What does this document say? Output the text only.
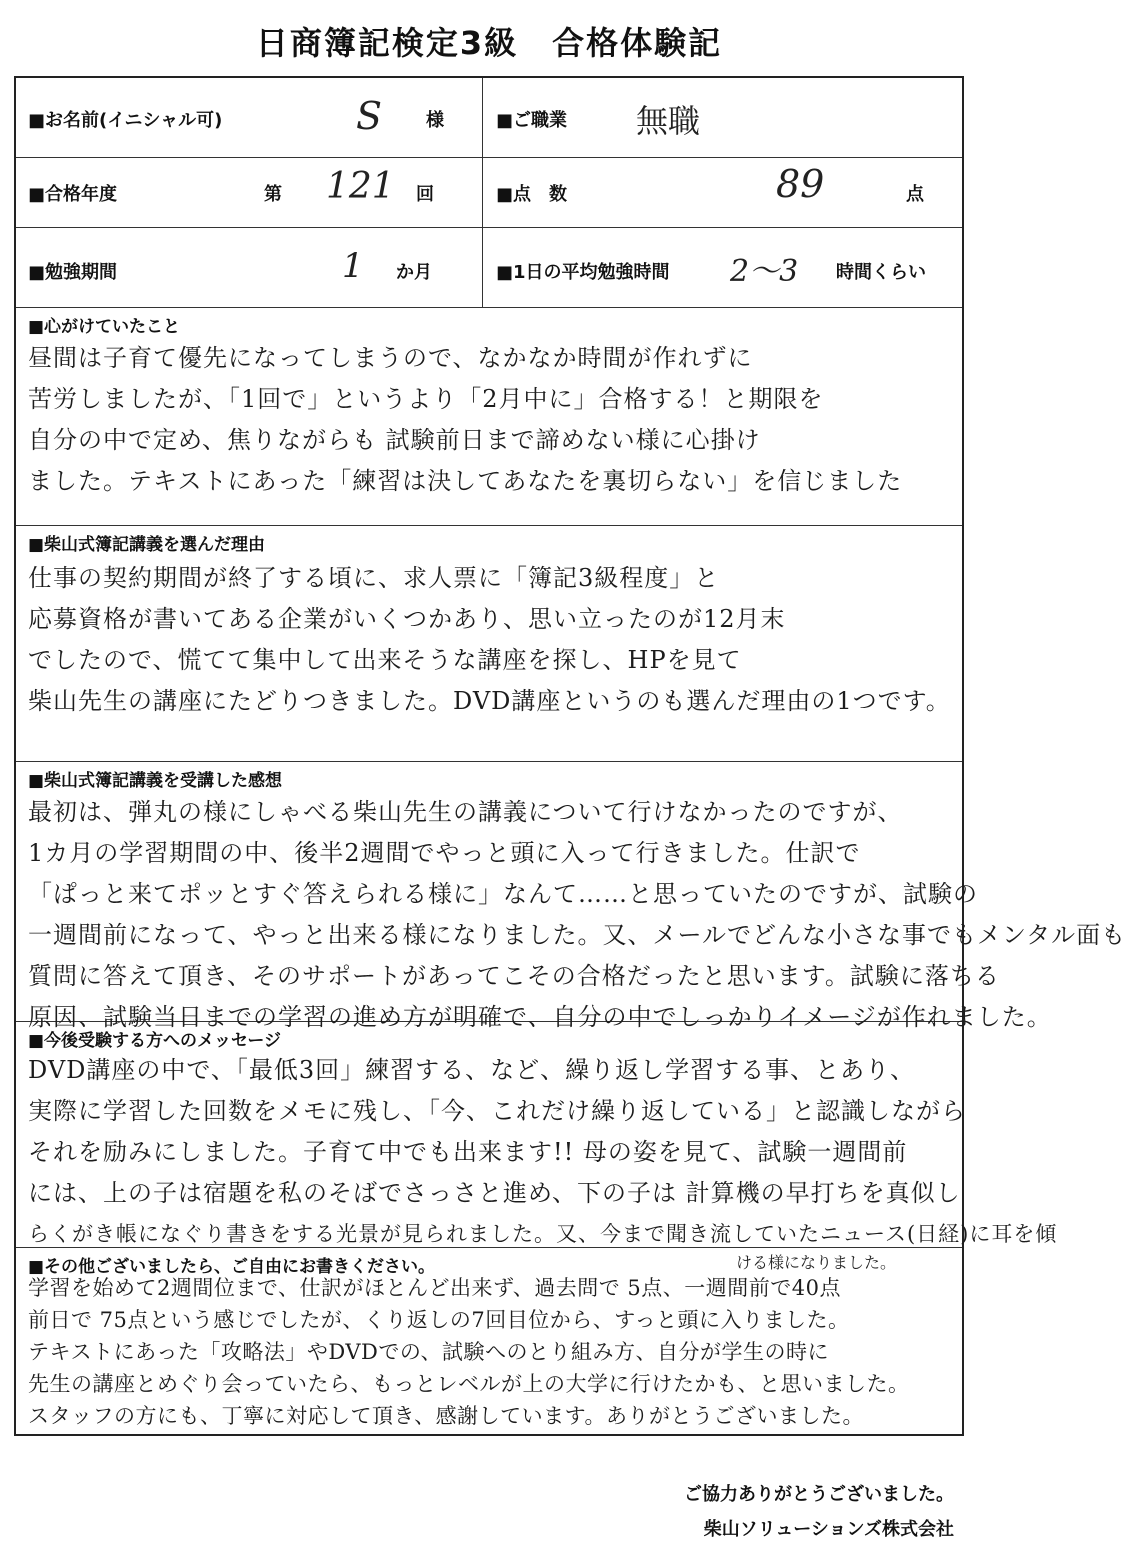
日商簿記検定3級　合格体験記
■お名前(イニシャル可)	S 様	■ご職業 無職
■合格年度	第 121 回	■点　数	89	点
■勉強期間	1 か月	■1日の平均勉強時間 2〜3 時間くらい
■心がけていたこと
昼間は子育て優先になってしまうので、なかなか時間が作れずに
苦労しましたが、「1回で」というより「2月中に」合格する！と期限を
自分の中で定め、焦りながらも 試験前日まで諦めない様に心掛け
ました。テキストにあった「練習は決してあなたを裏切らない」を信じました
■柴山式簿記講義を選んだ理由
仕事の契約期間が終了する頃に、求人票に「簿記3級程度」と
応募資格が書いてある企業がいくつかあり、思い立ったのが12月末
でしたので、慌てて集中して出来そうな講座を探し、HPを見て
柴山先生の講座にたどりつきました。DVD講座というのも選んだ理由の1つです。
■柴山式簿記講義を受講した感想
最初は、弾丸の様にしゃべる柴山先生の講義について行けなかったのですが、
1カ月の学習期間の中、後半2週間でやっと頭に入って行きました。仕訳で
「ぱっと来てポッとすぐ答えられる様に」なんて……と思っていたのですが、試験の
一週間前になって、やっと出来る様になりました。又、メールでどんな小さな事でもメンタル面も
質問に答えて頂き、そのサポートがあってこその合格だったと思います。試験に落ちる
原因、試験当日までの学習の進め方が明確で、自分の中でしっかりイメージが作れました。
■今後受験する方へのメッセージ
DVD講座の中で、「最低3回」練習する、など、繰り返し学習する事、とあり、
実際に学習した回数をメモに残し、「今、これだけ繰り返している」と認識しながら
それを励みにしました。子育て中でも出来ます!! 母の姿を見て、試験一週間前
には、上の子は宿題を私のそばでさっさと進め、下の子は 計算機の早打ちを真似し
らくがき帳になぐり書きをする光景が見られました。又、今まで聞き流していたニュース(日経)に耳を傾
■その他ございましたら、ご自由にお書きください。	ける様になりました。
学習を始めて2週間位まで、仕訳がほとんど出来ず、過去問で 5点、一週間前で40点
前日で 75点という感じでしたが、くり返しの7回目位から、すっと頭に入りました。
テキストにあった「攻略法」やDVDでの、試験へのとり組み方、自分が学生の時に
先生の講座とめぐり会っていたら、もっとレベルが上の大学に行けたかも、と思いました。
スタッフの方にも、丁寧に対応して頂き、感謝しています。ありがとうございました。
ご協力ありがとうございました。
柴山ソリューションズ株式会社
